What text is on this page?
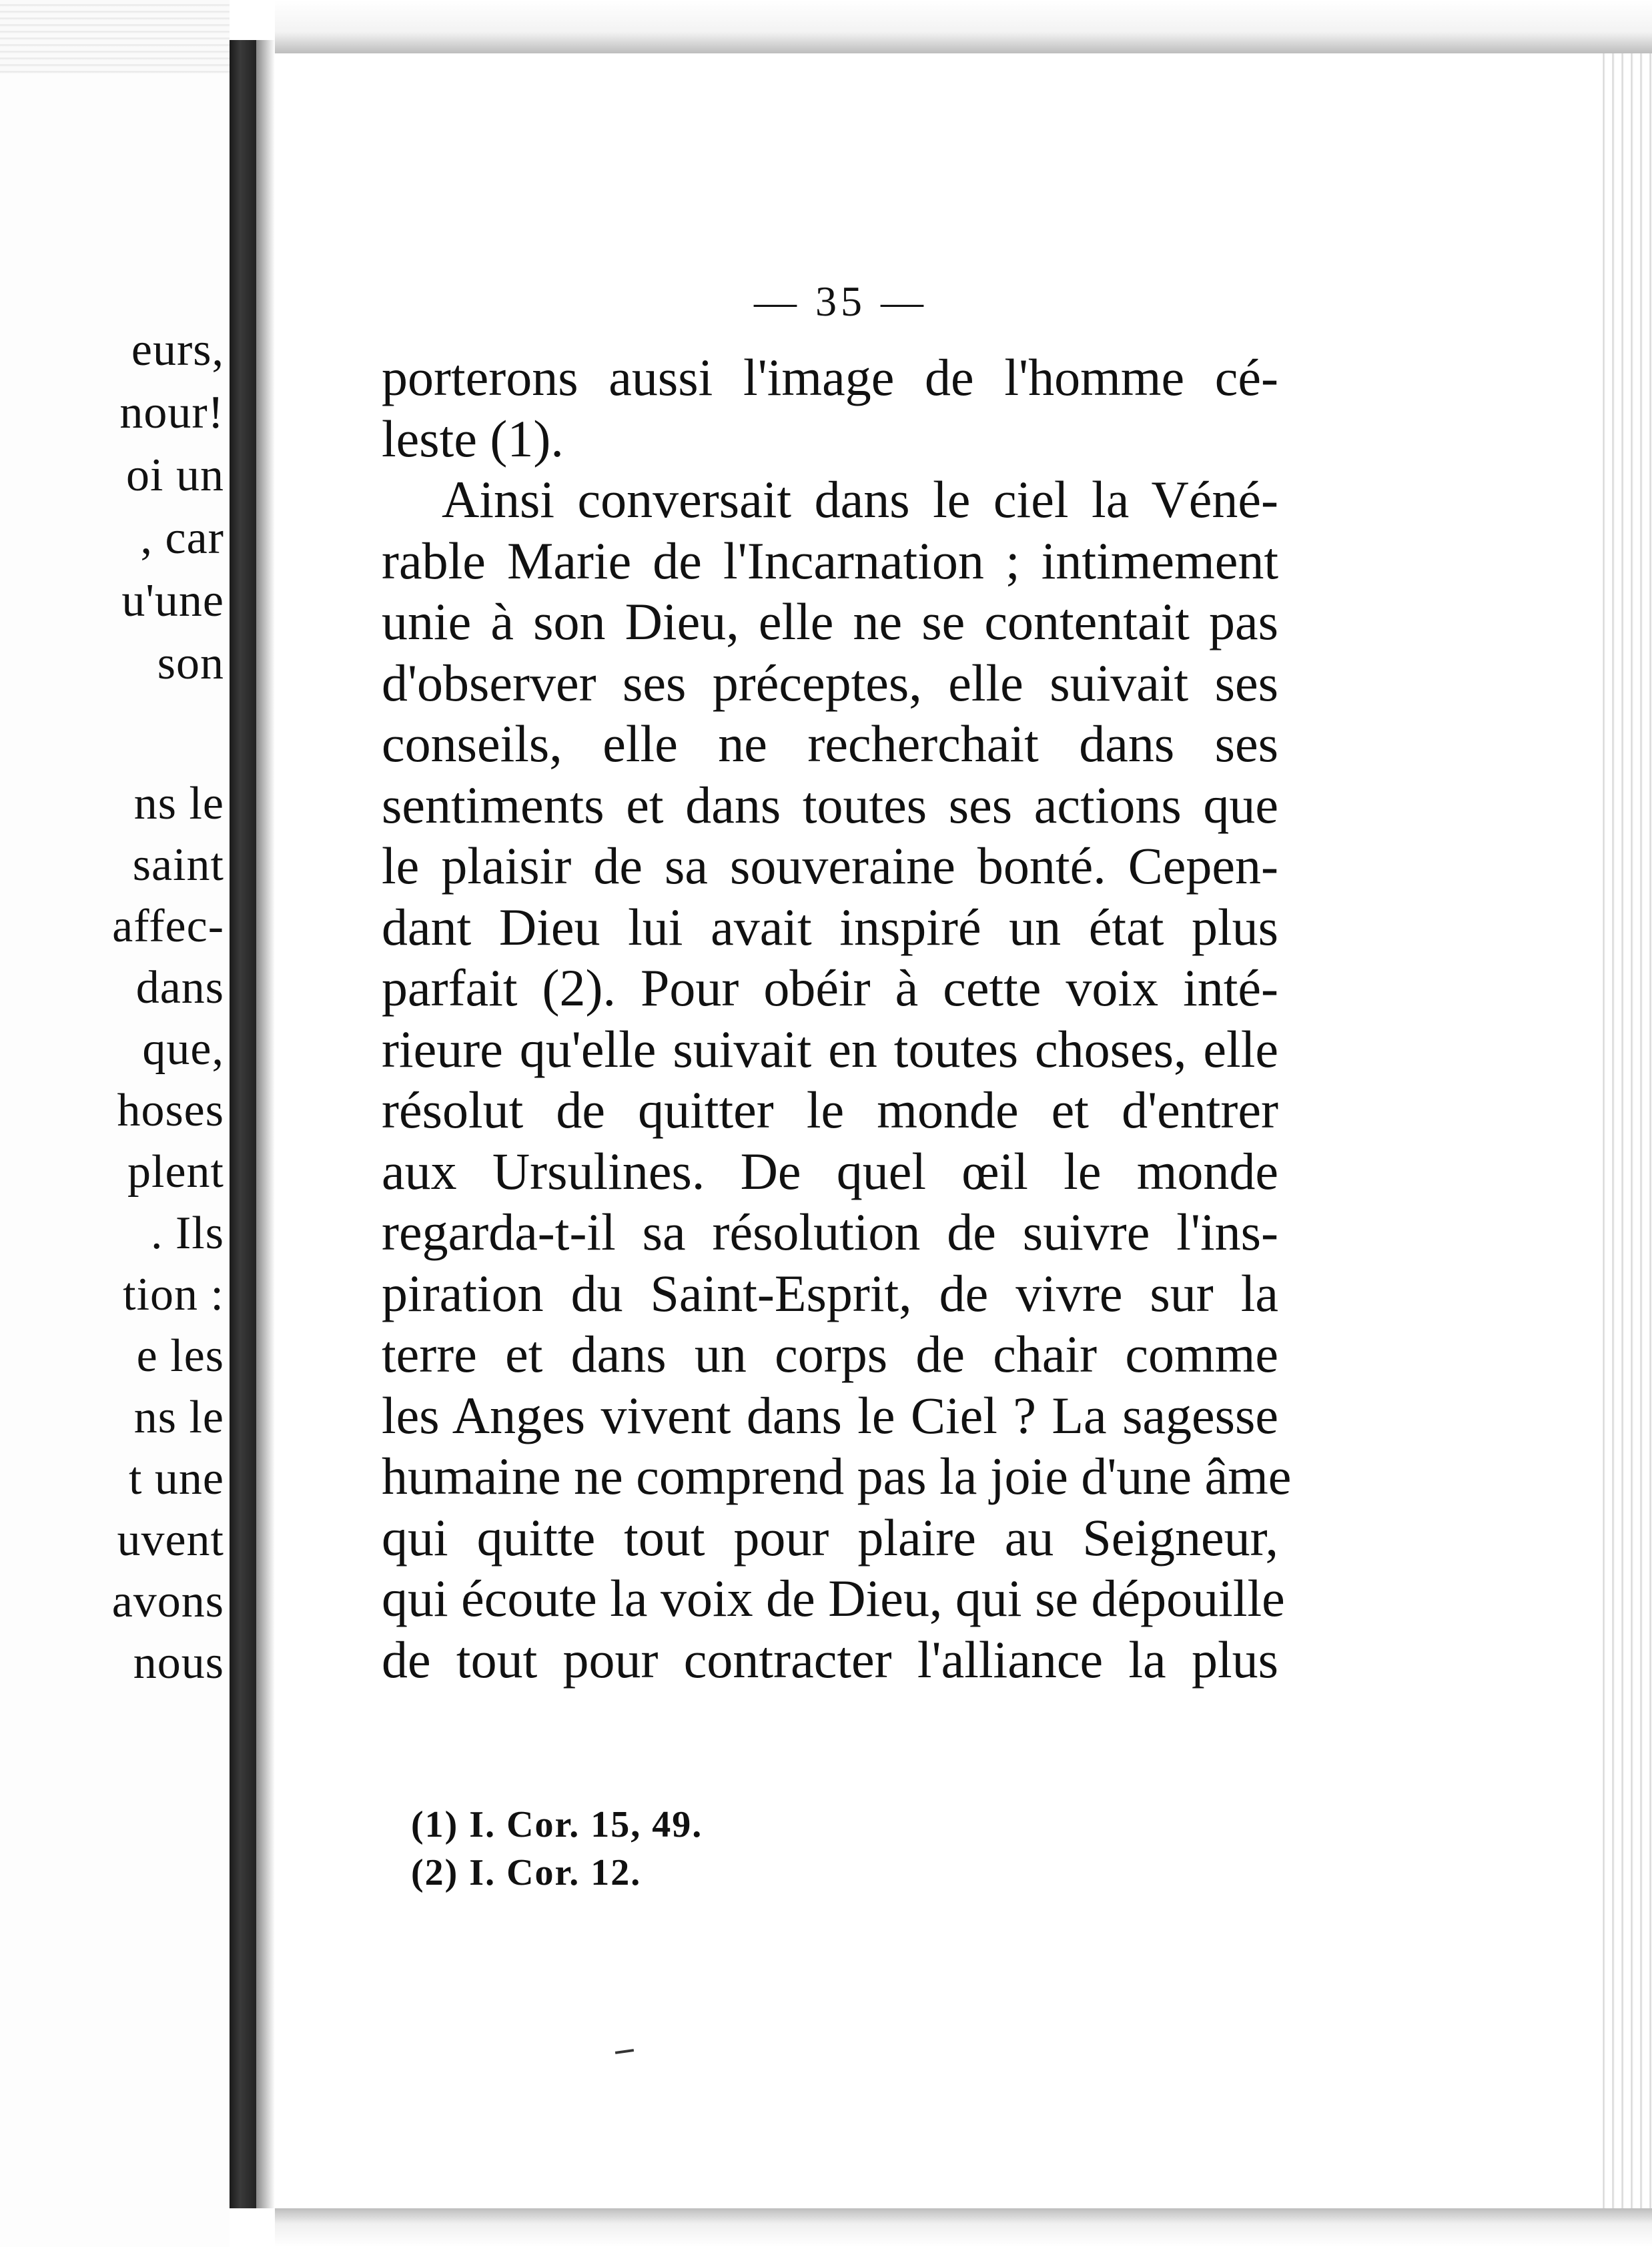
eurs,
nour!
oi un
, car
u'une
son
ns le
saint
affec-
dans
que,
hoses
plent
. Ils
tion :
e les
ns le
t une
uvent
avons
nous
— 35 —
porterons aussi l'image de l'homme cé-
leste (1).
Ainsi conversait dans le ciel la Véné-
rable Marie de l'Incarnation ; intimement
unie à son Dieu, elle ne se contentait pas
d'observer ses préceptes, elle suivait ses
conseils, elle ne recherchait dans ses
sentiments et dans toutes ses actions que
le plaisir de sa souveraine bonté. Cepen-
dant Dieu lui avait inspiré un état plus
parfait (2). Pour obéir à cette voix inté-
rieure qu'elle suivait en toutes choses, elle
résolut de quitter le monde et d'entrer
aux Ursulines. De quel œil le monde
regarda-t-il sa résolution de suivre l'ins-
piration du Saint-Esprit, de vivre sur la
terre et dans un corps de chair comme
les Anges vivent dans le Ciel ? La sagesse
humaine ne comprend pas la joie d'une âme
qui quitte tout pour plaire au Seigneur,
qui écoute la voix de Dieu, qui se dépouille
de tout pour contracter l'alliance la plus
(1) I. Cor. 15, 49.
(2) I. Cor. 12.
